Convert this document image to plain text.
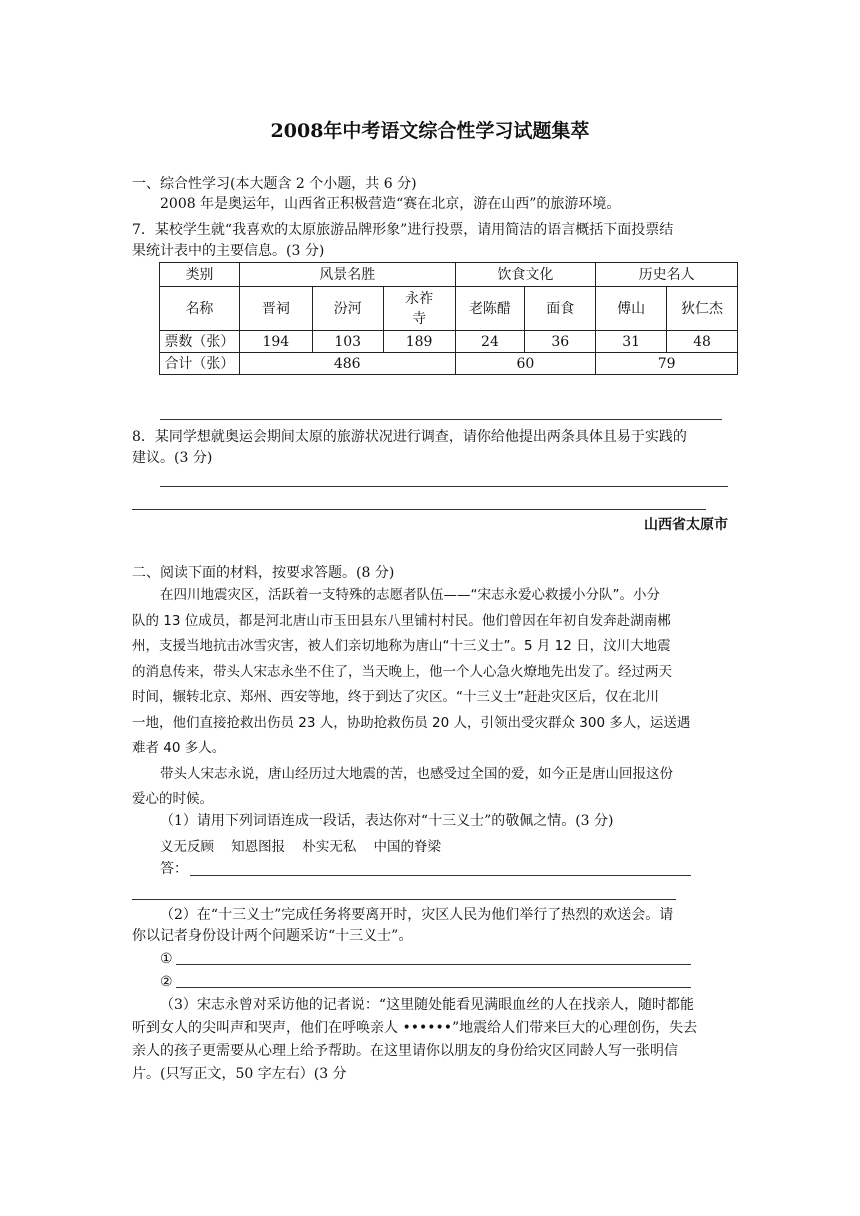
2008年中考语文综合性学习试题集萃
一、综合性学习(本大题含 2 个小题，共 6 分)
2008 年是奥运年，山西省正积极营造“赛在北京，游在山西”的旅游环境。
7．某校学生就“我喜欢的太原旅游品牌形象”进行投票，请用简洁的语言概括下面投票结
果统计表中的主要信息。(3 分)
类别	风景名胜			饮食文化		历史名人	
名称	晋祠	汾河	永祚
寺	老陈醋	面食	傅山	狄仁杰
票数（张）	194	103	189	24	36	31	48
合计（张）	486			60		79	
8．某同学想就奥运会期间太原的旅游状况进行调查，请你给他提出两条具体且易于实践的
建议。(3 分)
山西省太原市
二、阅读下面的材料，按要求答题。(8 分)
在四川地震灾区，活跃着一支特殊的志愿者队伍——“宋志永爱心救援小分队”。小分
队的 13 位成员，都是河北唐山市玉田县东八里铺村村民。他们曾因在年初自发奔赴湖南郴
州，支援当地抗击冰雪灾害，被人们亲切地称为唐山“十三义士”。5 月 12 日，汶川大地震
的消息传来，带头人宋志永坐不住了，当天晚上，他一个人心急火燎地先出发了。经过两天
时间，辗转北京、郑州、西安等地，终于到达了灾区。“十三义士”赶赴灾区后，仅在北川
一地，他们直接抢救出伤员 23 人，协助抢救伤员 20 人，引领出受灾群众 300 多人，运送遇
难者 40 多人。
带头人宋志永说，唐山经历过大地震的苦，也感受过全国的爱，如今正是唐山回报这份
爱心的时候。
（1）请用下列词语连成一段话，表达你对“十三义士”的敬佩之情。(3 分)
义无反顾    知恩图报    朴实无私    中国的脊梁
答：
（2）在“十三义士”完成任务将要离开时，灾区人民为他们举行了热烈的欢送会。请
你以记者身份设计两个问题采访“十三义士”。
①
②
（3）宋志永曾对采访他的记者说：“这里随处能看见满眼血丝的人在找亲人，随时都能
听到女人的尖叫声和哭声，他们在呼唤亲人 ••••••”地震给人们带来巨大的心理创伤，失去
亲人的孩子更需要从心理上给予帮助。在这里请你以朋友的身份给灾区同龄人写一张明信
片。(只写正文，50 字左右）(3 分
